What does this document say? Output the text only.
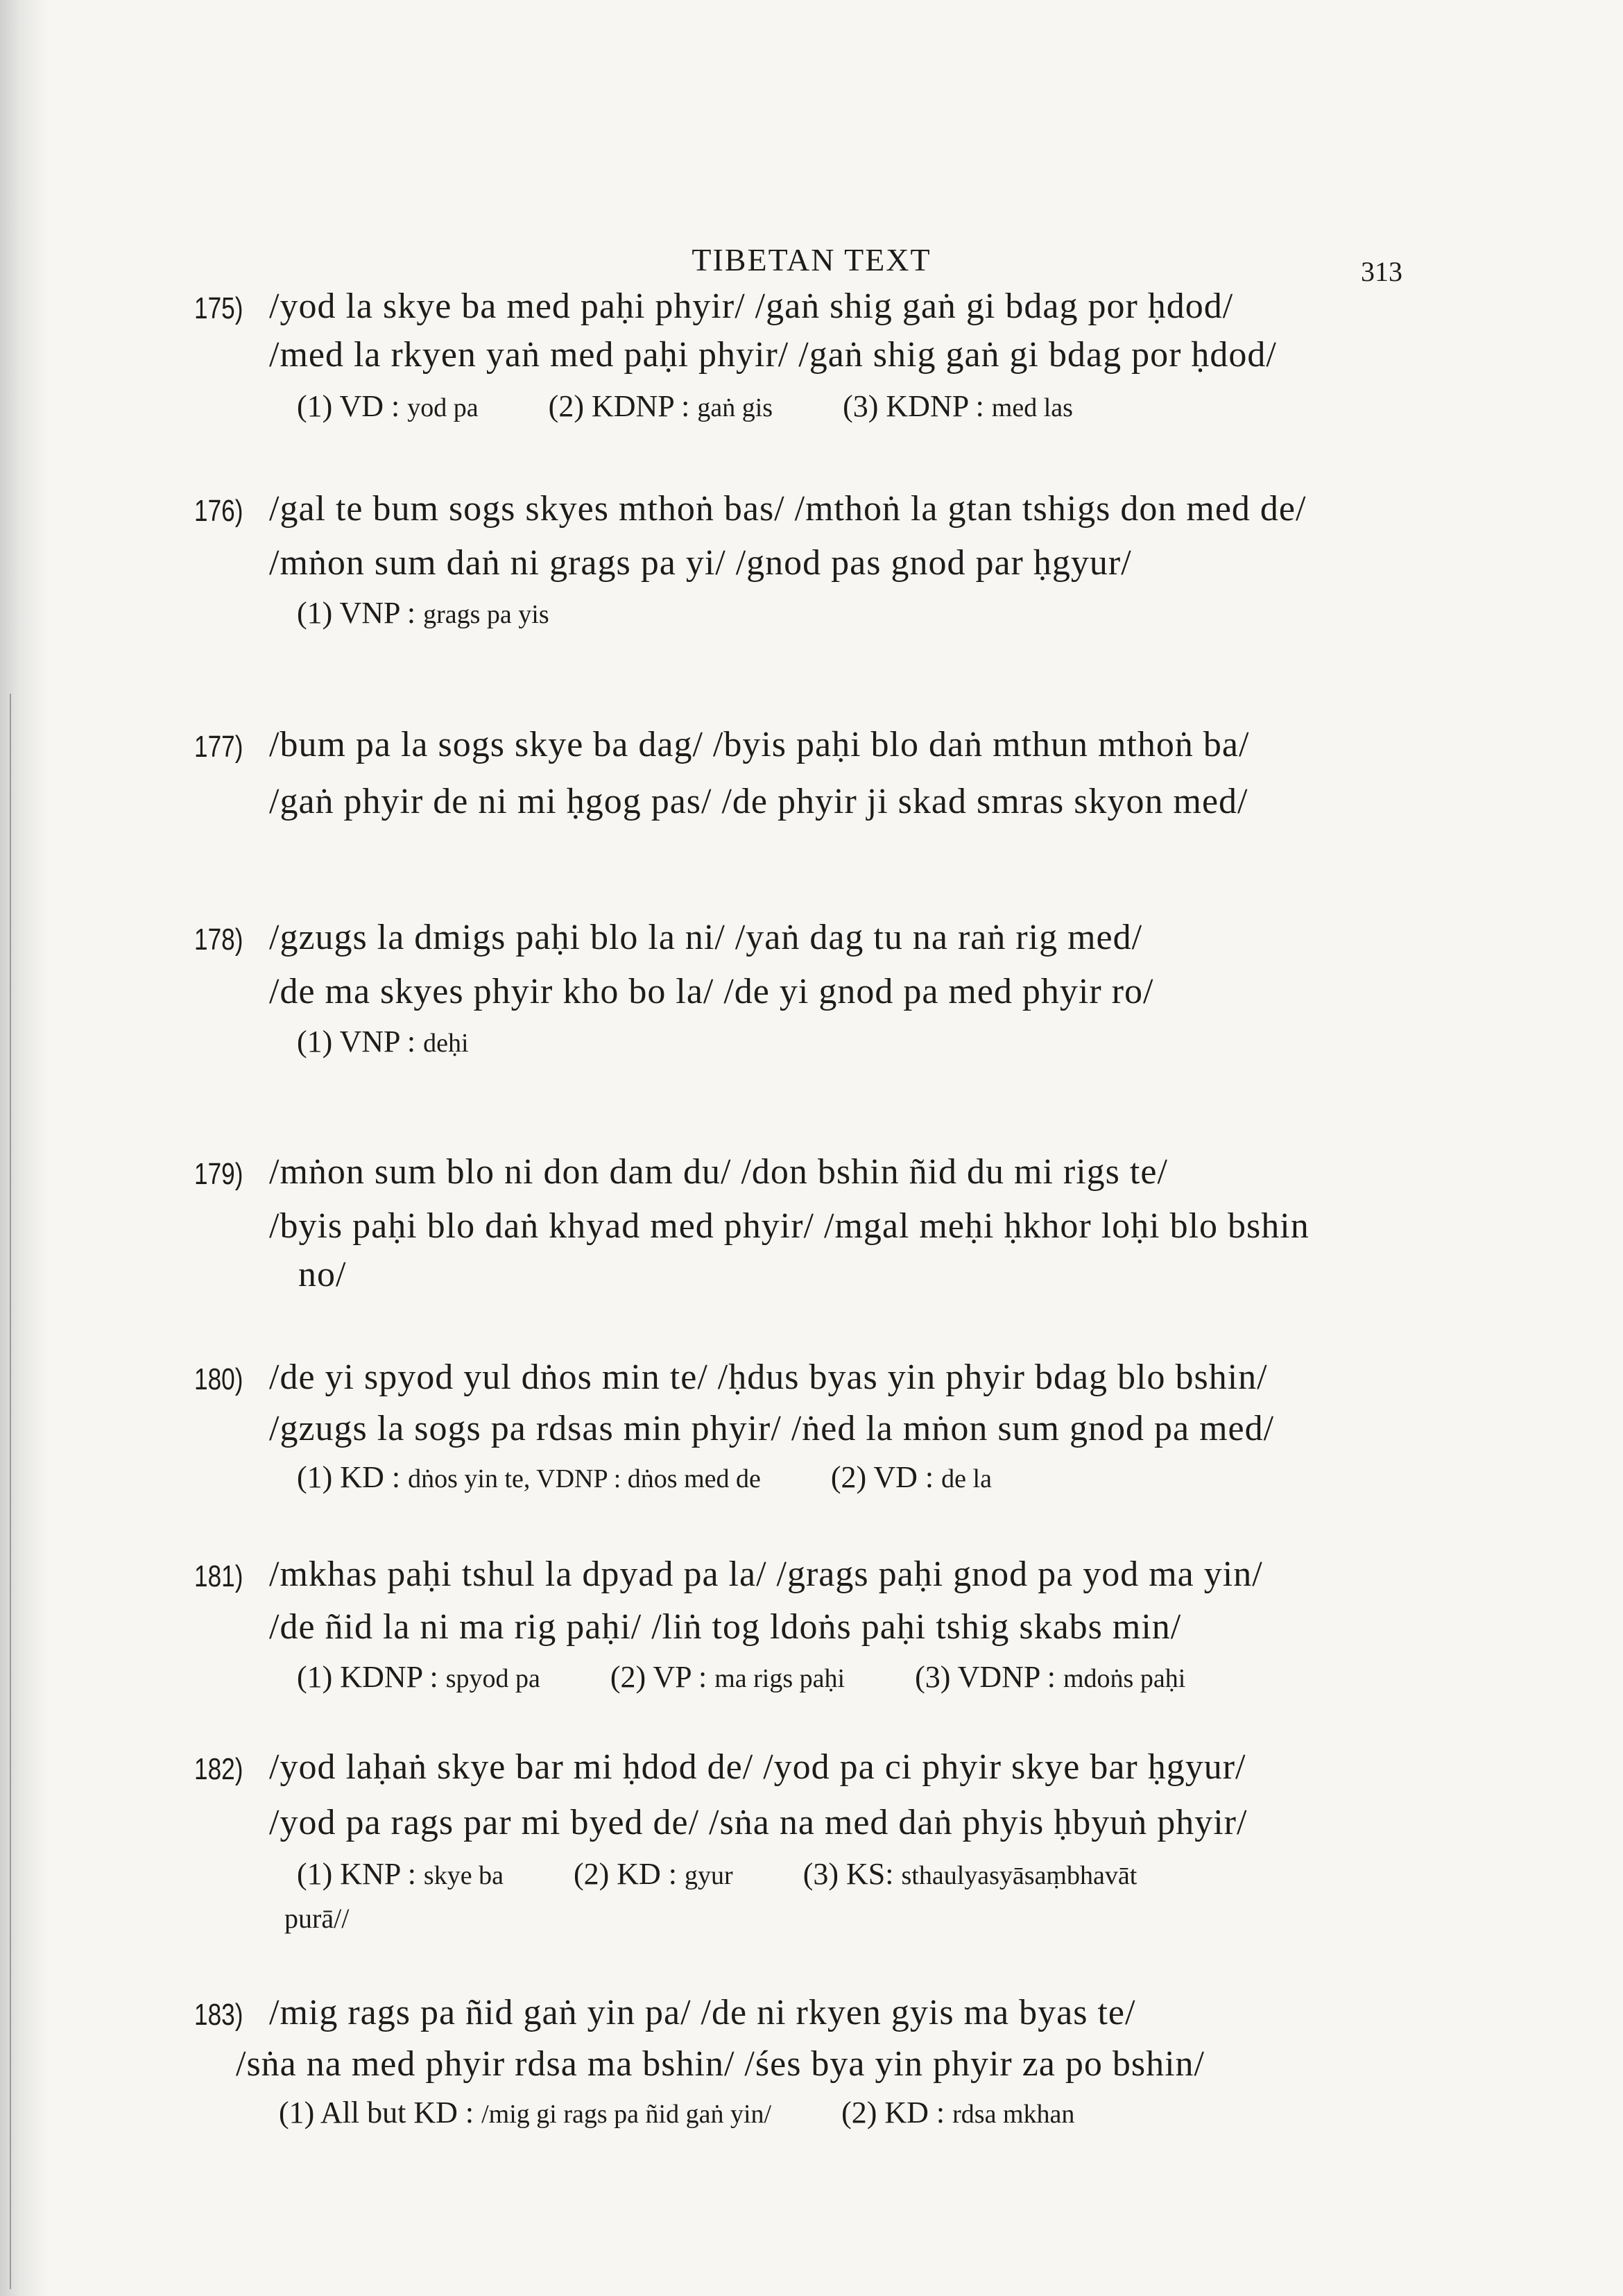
TIBETAN TEXT	313
175) /yod la skye ba med paḥi phyir/ /gaṅ shig gaṅ gi bdag por ḥdod/
/med la rkyen yaṅ med paḥi phyir/ /gaṅ shig gaṅ gi bdag por ḥdod/
(1) VD : yod pa (2) KDNP : gaṅ gis (3) KDNP : med las
176) /gal te bum sogs skyes mthoṅ bas/ /mthoṅ la gtan tshigs don med de/
/mṅon sum daṅ ni grags pa yi/ /gnod pas gnod par ḥgyur/
(1) VNP : grags pa yis
177) /bum pa la sogs skye ba dag/ /byis paḥi blo daṅ mthun mthoṅ ba/
/gaṅ phyir de ni mi ḥgog pas/ /de phyir ji skad smras skyon med/
178) /gzugs la dmigs paḥi blo la ni/ /yaṅ dag tu na raṅ rig med/
/de ma skyes phyir kho bo la/ /de yi gnod pa med phyir ro/
(1) VNP : deḥi
179) /mṅon sum blo ni don dam du/ /don bshin ñid du mi rigs te/
/byis paḥi blo daṅ khyad med phyir/ /mgal meḥi ḥkhor loḥi blo bshin
no/
180) /de yi spyod yul dṅos min te/ /ḥdus byas yin phyir bdag blo bshin/
/gzugs la sogs pa rdsas min phyir/ /ṅed la mṅon sum gnod pa med/
(1) KD : dṅos yin te, VDNP : dṅos med de (2) VD : de la
181) /mkhas paḥi tshul la dpyad pa la/ /grags paḥi gnod pa yod ma yin/
/de ñid la ni ma rig paḥi/ /liṅ tog ldoṅs paḥi tshig skabs min/
(1) KDNP : spyod pa (2) VP : ma rigs paḥi (3) VDNP : mdoṅs paḥi
182) /yod laḥaṅ skye bar mi ḥdod de/ /yod pa ci phyir skye bar ḥgyur/
/yod pa rags par mi byed de/ /sṅa na med daṅ phyis ḥbyuṅ phyir/
(1) KNP : skye ba (2) KD : gyur (3) KS: sthaulyasyāsaṃbhavāt
purā//
183) /mig rags pa ñid gaṅ yin pa/ /de ni rkyen gyis ma byas te/
/sṅa na med phyir rdsa ma bshin/ /śes bya yin phyir za po bshin/
(1) All but KD : /mig gi rags pa ñid gaṅ yin/ (2) KD : rdsa mkhan
